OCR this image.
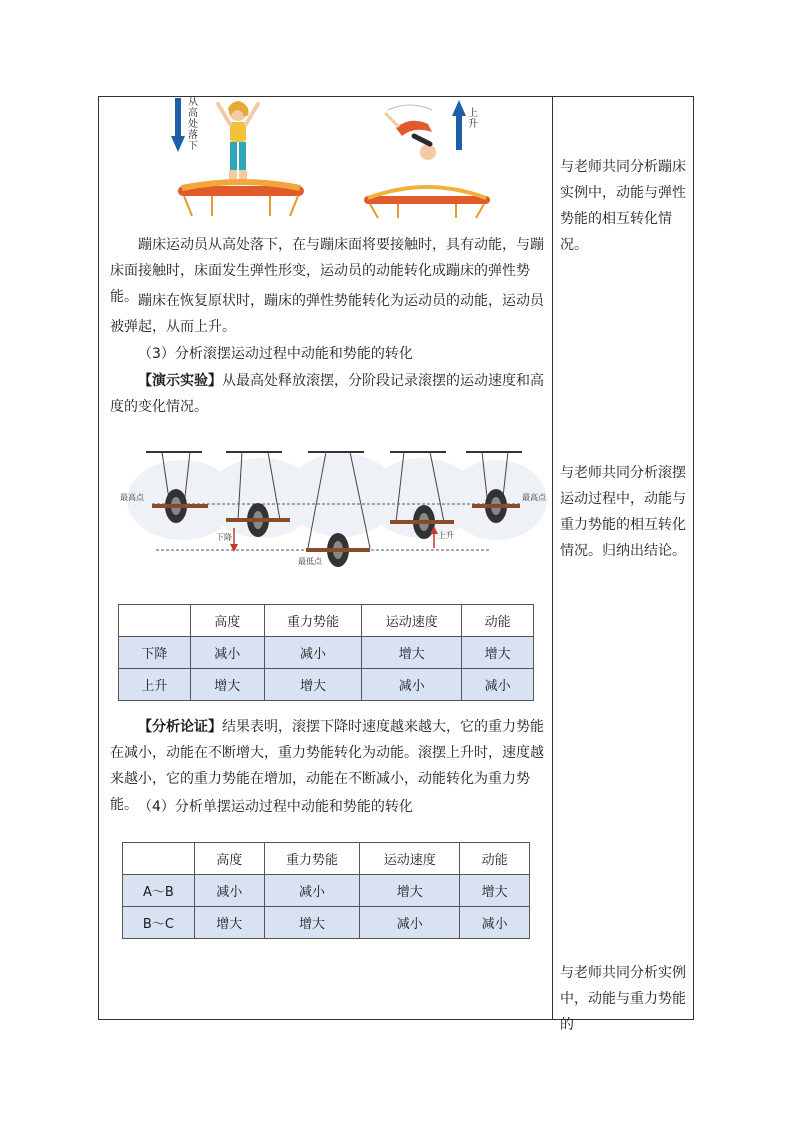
从高处落下
上升

蹦床运动员从高处落下，在与蹦床面将要接触时，具有动能，与蹦床面接触时，床面发生弹性形变，运动员的动能转化成蹦床的弹性势能。 蹦床在恢复原状时，蹦床的弹性势能转化为运动员的动能，运动员被弹起，从而上升。

（3）分析滚摆运动过程中动能和势能的转化

【演示实验】从最高处释放滚摆，分阶段记录滚摆的运动速度和高度的变化情况。

最高点	最高点
最低点
下降	上升
	高度	重力势能	运动速度	动能
下降	减小	减小	增大	增大
上升	增大	增大	减小	减小

【分析论证】结果表明，滚摆下降时速度越来越大，它的重力势能在减小，动能在不断增大，重力势能转化为动能。滚摆上升时，速度越来越小，它的重力势能在增加，动能在不断减小，动能转化为重力势能。 （4）分析单摆运动过程中动能和势能的转化

	高度	重力势能	运动速度	动能
A～B	减小	减小	增大	增大
B～C	增大	增大	减小	减小

与老师共同分析蹦床实例中，动能与弹性势能的相互转化情况。

与老师共同分析滚摆运动过程中，动能与重力势能的相互转化情况。归纳出结论。

与老师共同分析实例中，动能与重力势能的
